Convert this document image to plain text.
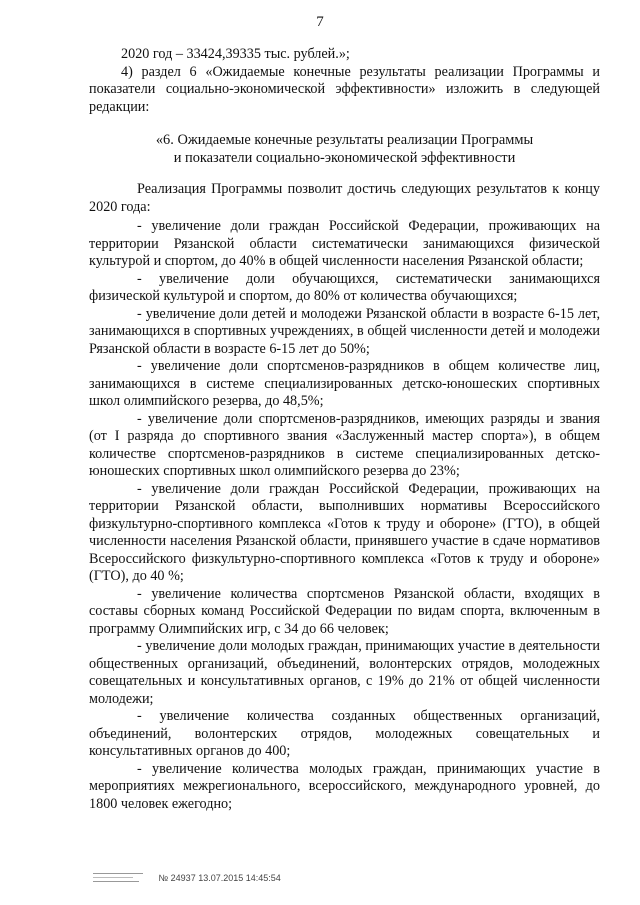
7

2020 год – 33424,39335 тыс. рублей.»;

4) раздел 6 «Ожидаемые конечные результаты реализации Программы и показатели социально-экономической эффективности» изложить в следующей редакции:

«6. Ожидаемые конечные результаты реализации Программы

и показатели социально-экономической эффективности

Реализация Программы позволит достичь следующих результатов к концу 2020 года:

- увеличение доли граждан Российской Федерации, проживающих на территории Рязанской области систематически занимающихся физической культурой и спортом, до 40% в общей численности населения Рязанской области;

- увеличение доли обучающихся, систематически занимающихся физической культурой и спортом, до 80% от количества обучающихся;

- увеличение доли детей и молодежи Рязанской области в возрасте 6-15 лет, занимающихся в спортивных учреждениях, в общей численности детей и молодежи Рязанской области в возрасте 6-15 лет до 50%;

- увеличение доли спортсменов-разрядников в общем количестве лиц, занимающихся в системе специализированных детско-юношеских спортивных школ олимпийского резерва, до 48,5%;

- увеличение доли спортсменов-разрядников, имеющих разряды и звания (от I разряда до спортивного звания «Заслуженный мастер спорта»), в общем количестве спортсменов-разрядников в системе специализированных детско-юношеских спортивных школ олимпийского резерва до 23%;

- увеличение доли граждан Российской Федерации, проживающих на территории Рязанской области, выполнивших нормативы Всероссийского физкультурно-спортивного комплекса «Готов к труду и обороне» (ГТО), в общей численности населения Рязанской области, принявшего участие в сдаче нормативов Всероссийского физкультурно-спортивного комплекса «Готов к труду и обороне» (ГТО), до 40 %;

- увеличение количества спортсменов Рязанской области, входящих в составы сборных команд Российской Федерации по видам спорта, включенным в программу Олимпийских игр, с 34 до 66 человек;

- увеличение доли молодых граждан, принимающих участие в деятельности общественных организаций, объединений, волонтерских отрядов, молодежных совещательных и консультативных органов, с 19% до 21% от общей численности молодежи;

- увеличение количества созданных общественных организаций, объединений, волонтерских отрядов, молодежных совещательных и консультативных органов до 400;

- увеличение количества молодых граждан, принимающих участие в мероприятиях межрегионального, всероссийского, международного уровней, до 1800 человек ежегодно;

№ 24937 13.07.2015 14:45:54
